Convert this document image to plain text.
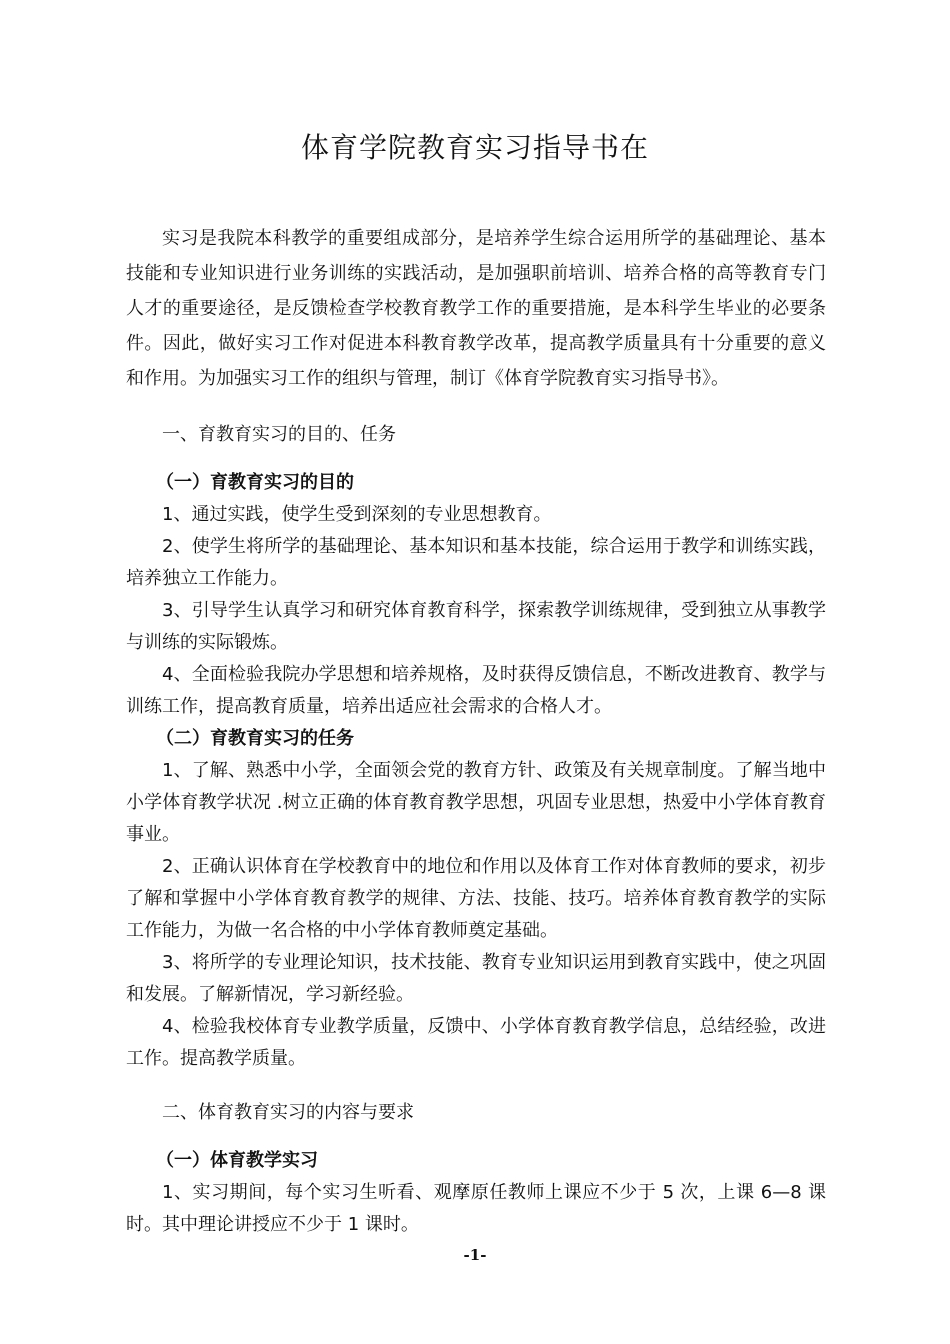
体育学院教育实习指导书在

实习是我院本科教学的重要组成部分，是培养学生综合运用所学的基础理论、基本技能和专业知识进行业务训练的实践活动，是加强职前培训、培养合格的高等教育专门人才的重要途径，是反馈检查学校教育教学工作的重要措施，是本科学生毕业的必要条件。因此，做好实习工作对促进本科教育教学改革，提高教学质量具有十分重要的意义和作用。为加强实习工作的组织与管理，制订《体育学院教育实习指导书》。

一、育教育实习的目的、任务

（一）育教育实习的目的

1、通过实践，使学生受到深刻的专业思想教育。

2、使学生将所学的基础理论、基本知识和基本技能，综合运用于教学和训练实践，培养独立工作能力。

3、引导学生认真学习和研究体育教育科学，探索教学训练规律，受到独立从事教学与训练的实际锻炼。

4、全面检验我院办学思想和培养规格，及时获得反馈信息，不断改进教育、教学与训练工作，提高教育质量，培养出适应社会需求的合格人才。

（二）育教育实习的任务

1、了解、熟悉中小学，全面领会党的教育方针、政策及有关规章制度。了解当地中小学体育教学状况 .树立正确的体育教育教学思想，巩固专业思想，热爱中小学体育教育事业。

2、正确认识体育在学校教育中的地位和作用以及体育工作对体育教师的要求，初步了解和掌握中小学体育教育教学的规律、方法、技能、技巧。培养体育教育教学的实际工作能力，为做一名合格的中小学体育教师奠定基础。

3、将所学的专业理论知识，技术技能、教育专业知识运用到教育实践中，使之巩固和发展。了解新情况，学习新经验。

4、检验我校体育专业教学质量，反馈中、小学体育教育教学信息，总结经验，改进工作。提高教学质量。

二、体育教育实习的内容与要求

（一）体育教学实习

1、实习期间，每个实习生听看、观摩原任教师上课应不少于 5 次，上课 6—8 课时。其中理论讲授应不少于 1 课时。

-1-
